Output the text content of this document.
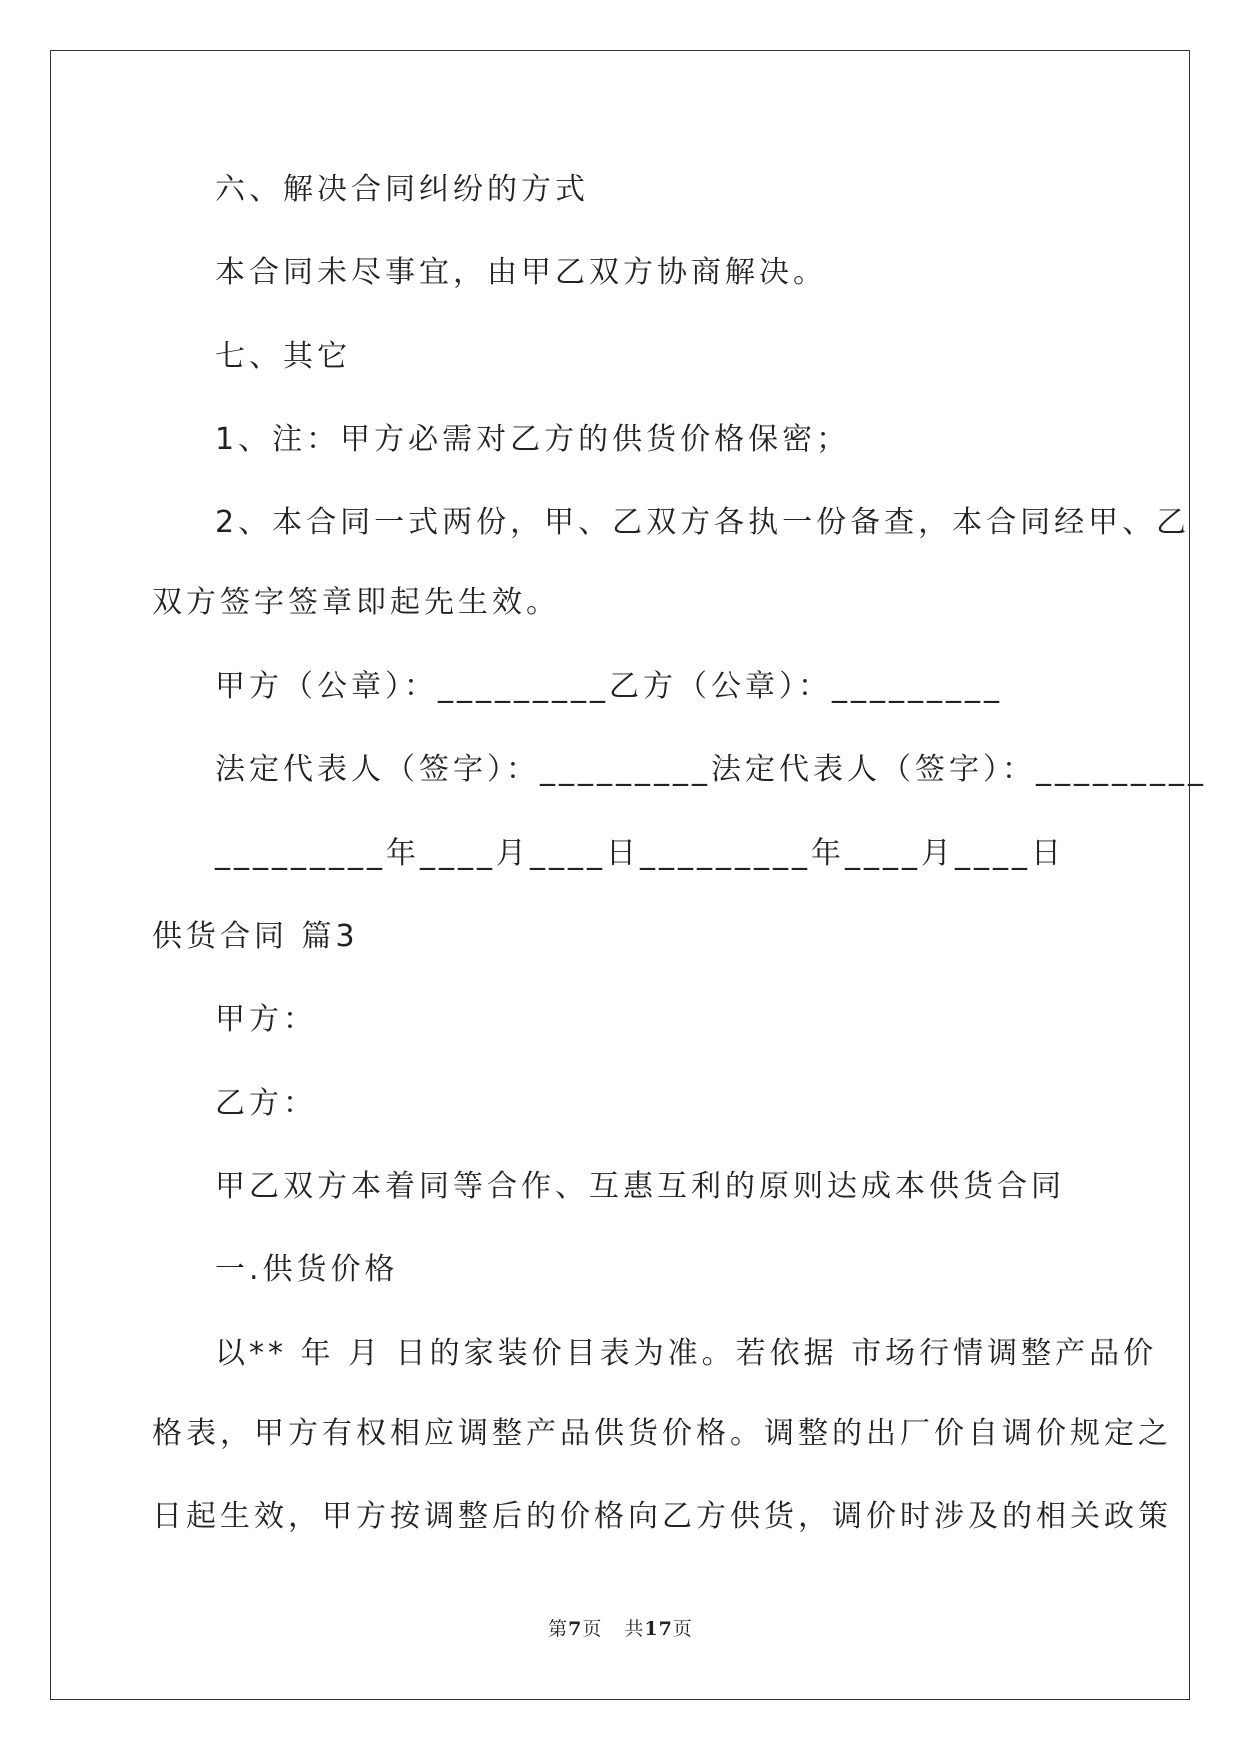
六、解决合同纠纷的方式
本合同未尽事宜，由甲乙双方协商解决。
七、其它
1、注：甲方必需对乙方的供货价格保密；
2、本合同一式两份，甲、乙双方各执一份备查，本合同经甲、乙
双方签字签章即起先生效。
甲方（公章）：_________乙方（公章）：_________
法定代表人（签字）：_________法定代表人（签字）：_________
_________年____月____日_________年____月____日
供货合同 篇3
甲方：
乙方：
甲乙双方本着同等合作、互惠互利的原则达成本供货合同
一.供货价格
以** 年 月 日的家装价目表为准。若依据 市场行情调整产品价
格表，甲方有权相应调整产品供货价格。调整的出厂价自调价规定之
日起生效，甲方按调整后的价格向乙方供货，调价时涉及的相关政策
第7页 共17页
